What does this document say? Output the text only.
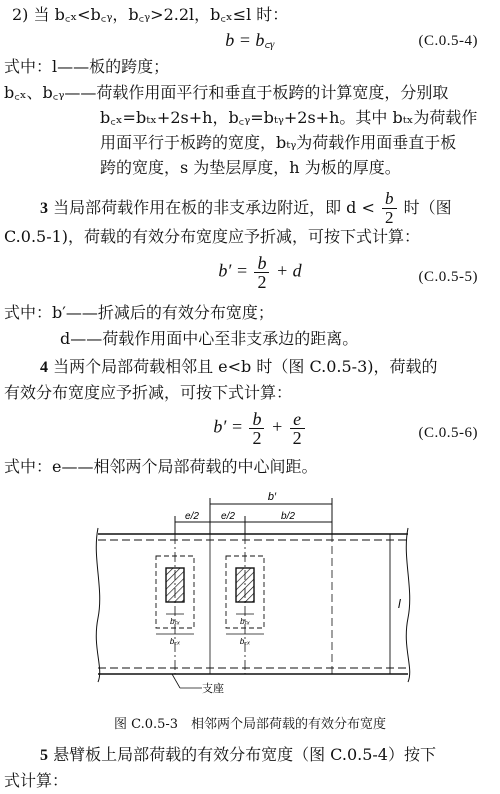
2) 当 b꜀ₓ<b꜀ᵧ，b꜀ᵧ>2.2l，b꜀ₓ≤l 时：
b = b꜀ᵧ	(C.0.5-4)
式中：l——板的跨度；
b꜀ₓ、b꜀ᵧ——荷载作用面平行和垂直于板跨的计算宽度，分别取
b꜀ₓ=bₜₓ+2s+h，b꜀ᵧ=bₜᵧ+2s+h。其中 bₜₓ为荷载作
用面平行于板跨的宽度，bₜᵧ为荷载作用面垂直于板
跨的宽度，s 为垫层厚度，h 为板的厚度。
3 当局部荷载作用在板的非支承边附近，即 $d < \frac{b}{2}$ 时（图
C.0.5-1)，荷载的有效分布宽度应予折减，可按下式计算：
$b' = \frac{b}{2} + d$	(C.0.5-5)
式中：b′——折减后的有效分布宽度；
d——荷载作用面中心至非支承边的距离。
4 当两个局部荷载相邻且 e<b 时（图 C.0.5-3)，荷载的
有效分布宽度应予折减，可按下式计算：
$b' = \frac{b}{2} + \frac{e}{2}$	(C.0.5-6)
式中：e——相邻两个局部荷载的中心间距。
b′
e/2 e/2	b/2
bₜₓ
b꜀ₓ
bₜₓ
b꜀ₓ
l
支座
图 C.0.5-3　相邻两个局部荷载的有效分布宽度
5 悬臂板上局部荷载的有效分布宽度（图 C.0.5-4）按下
式计算：
